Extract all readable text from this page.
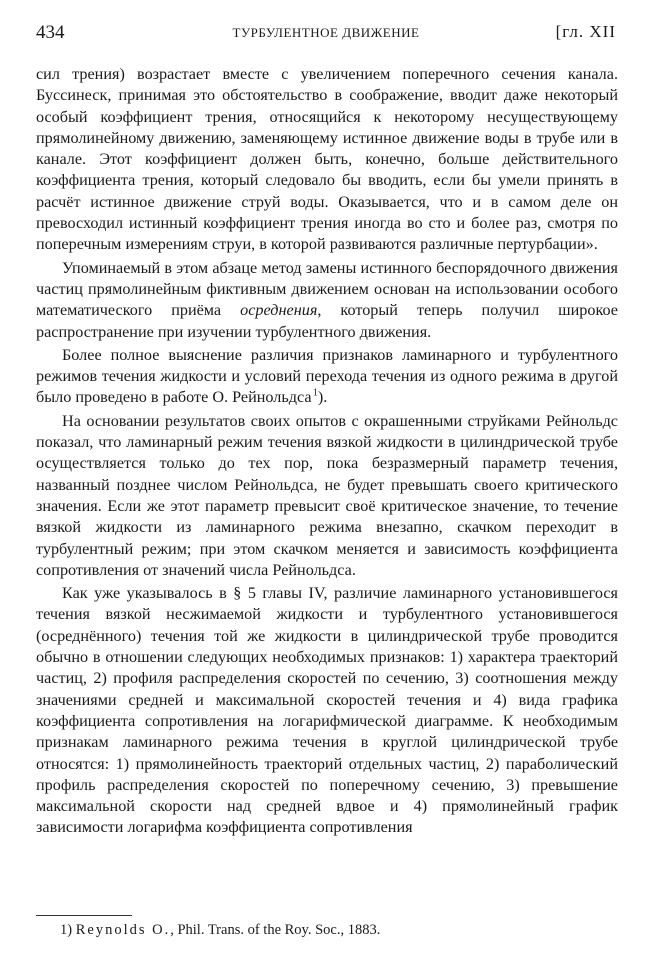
434	ТУРБУЛЕНТНОЕ ДВИЖЕНИЕ	[гл. XII

сил трения) возрастает вместе с увеличением поперечного сечения канала. Буссинеск, принимая это обстоятельство в соображение, вводит даже некоторый особый коэффициент трения, относящийся к некоторому несуществующему прямолинейному движению, заменяющему истинное движение воды в трубе или в канале. Этот коэффициент должен быть, конечно, больше действительного коэффициента трения, который следовало бы вводить, если бы умели принять в расчёт истинное движение струй воды. Оказывается, что и в самом деле он превосходил истинный коэффициент трения иногда во сто и более раз, смотря по поперечным измерениям струи, в которой развиваются различные пертурбации».

Упоминаемый в этом абзаце метод замены истинного беспорядочного движения частиц прямолинейным фиктивным движением основан на использовании особого математического приёма осреднения, который теперь получил широкое распространение при изучении турбулентного движения.

Более полное выяснение различия признаков ламинарного и турбулентного режимов течения жидкости и условий перехода течения из одного режима в другой было проведено в работе О. Рейнольдса $^1$).

На основании результатов своих опытов с окрашенными струйками Рейнольдс показал, что ламинарный режим течения вязкой жидкости в цилиндрической трубе осуществляется только до тех пор, пока безразмерный параметр течения, названный позднее числом Рейнольдса, не будет превышать своего критического значения. Если же этот параметр превысит своё критическое значение, то течение вязкой жидкости из ламинарного режима внезапно, скачком переходит в турбулентный режим; при этом скачком меняется и зависимость коэффициента сопротивления от значений числа Рейнольдса.

Как уже указывалось в § 5 главы IV, различие ламинарного установившегося течения вязкой несжимаемой жидкости и турбулентного установившегося (осреднённого) течения той же жидкости в цилиндрической трубе проводится обычно в отношении следующих необходимых признаков: 1) характера траекторий частиц, 2) профиля распределения скоростей по сечению, 3) соотношения между значениями средней и максимальной скоростей течения и 4) вида графика коэффициента сопротивления на логарифмической диаграмме. К необходимым признакам ламинарного режима течения в круглой цилиндрической трубе относятся: 1) прямолинейность траекторий отдельных частиц, 2) параболический профиль распределения скоростей по поперечному сечению, 3) превышение максимальной скорости над средней вдвое и 4) прямолинейный график зависимости логарифма коэффициента сопротивления

1) Reynolds O., Phil. Trans. of the Roy. Soc., 1883.
